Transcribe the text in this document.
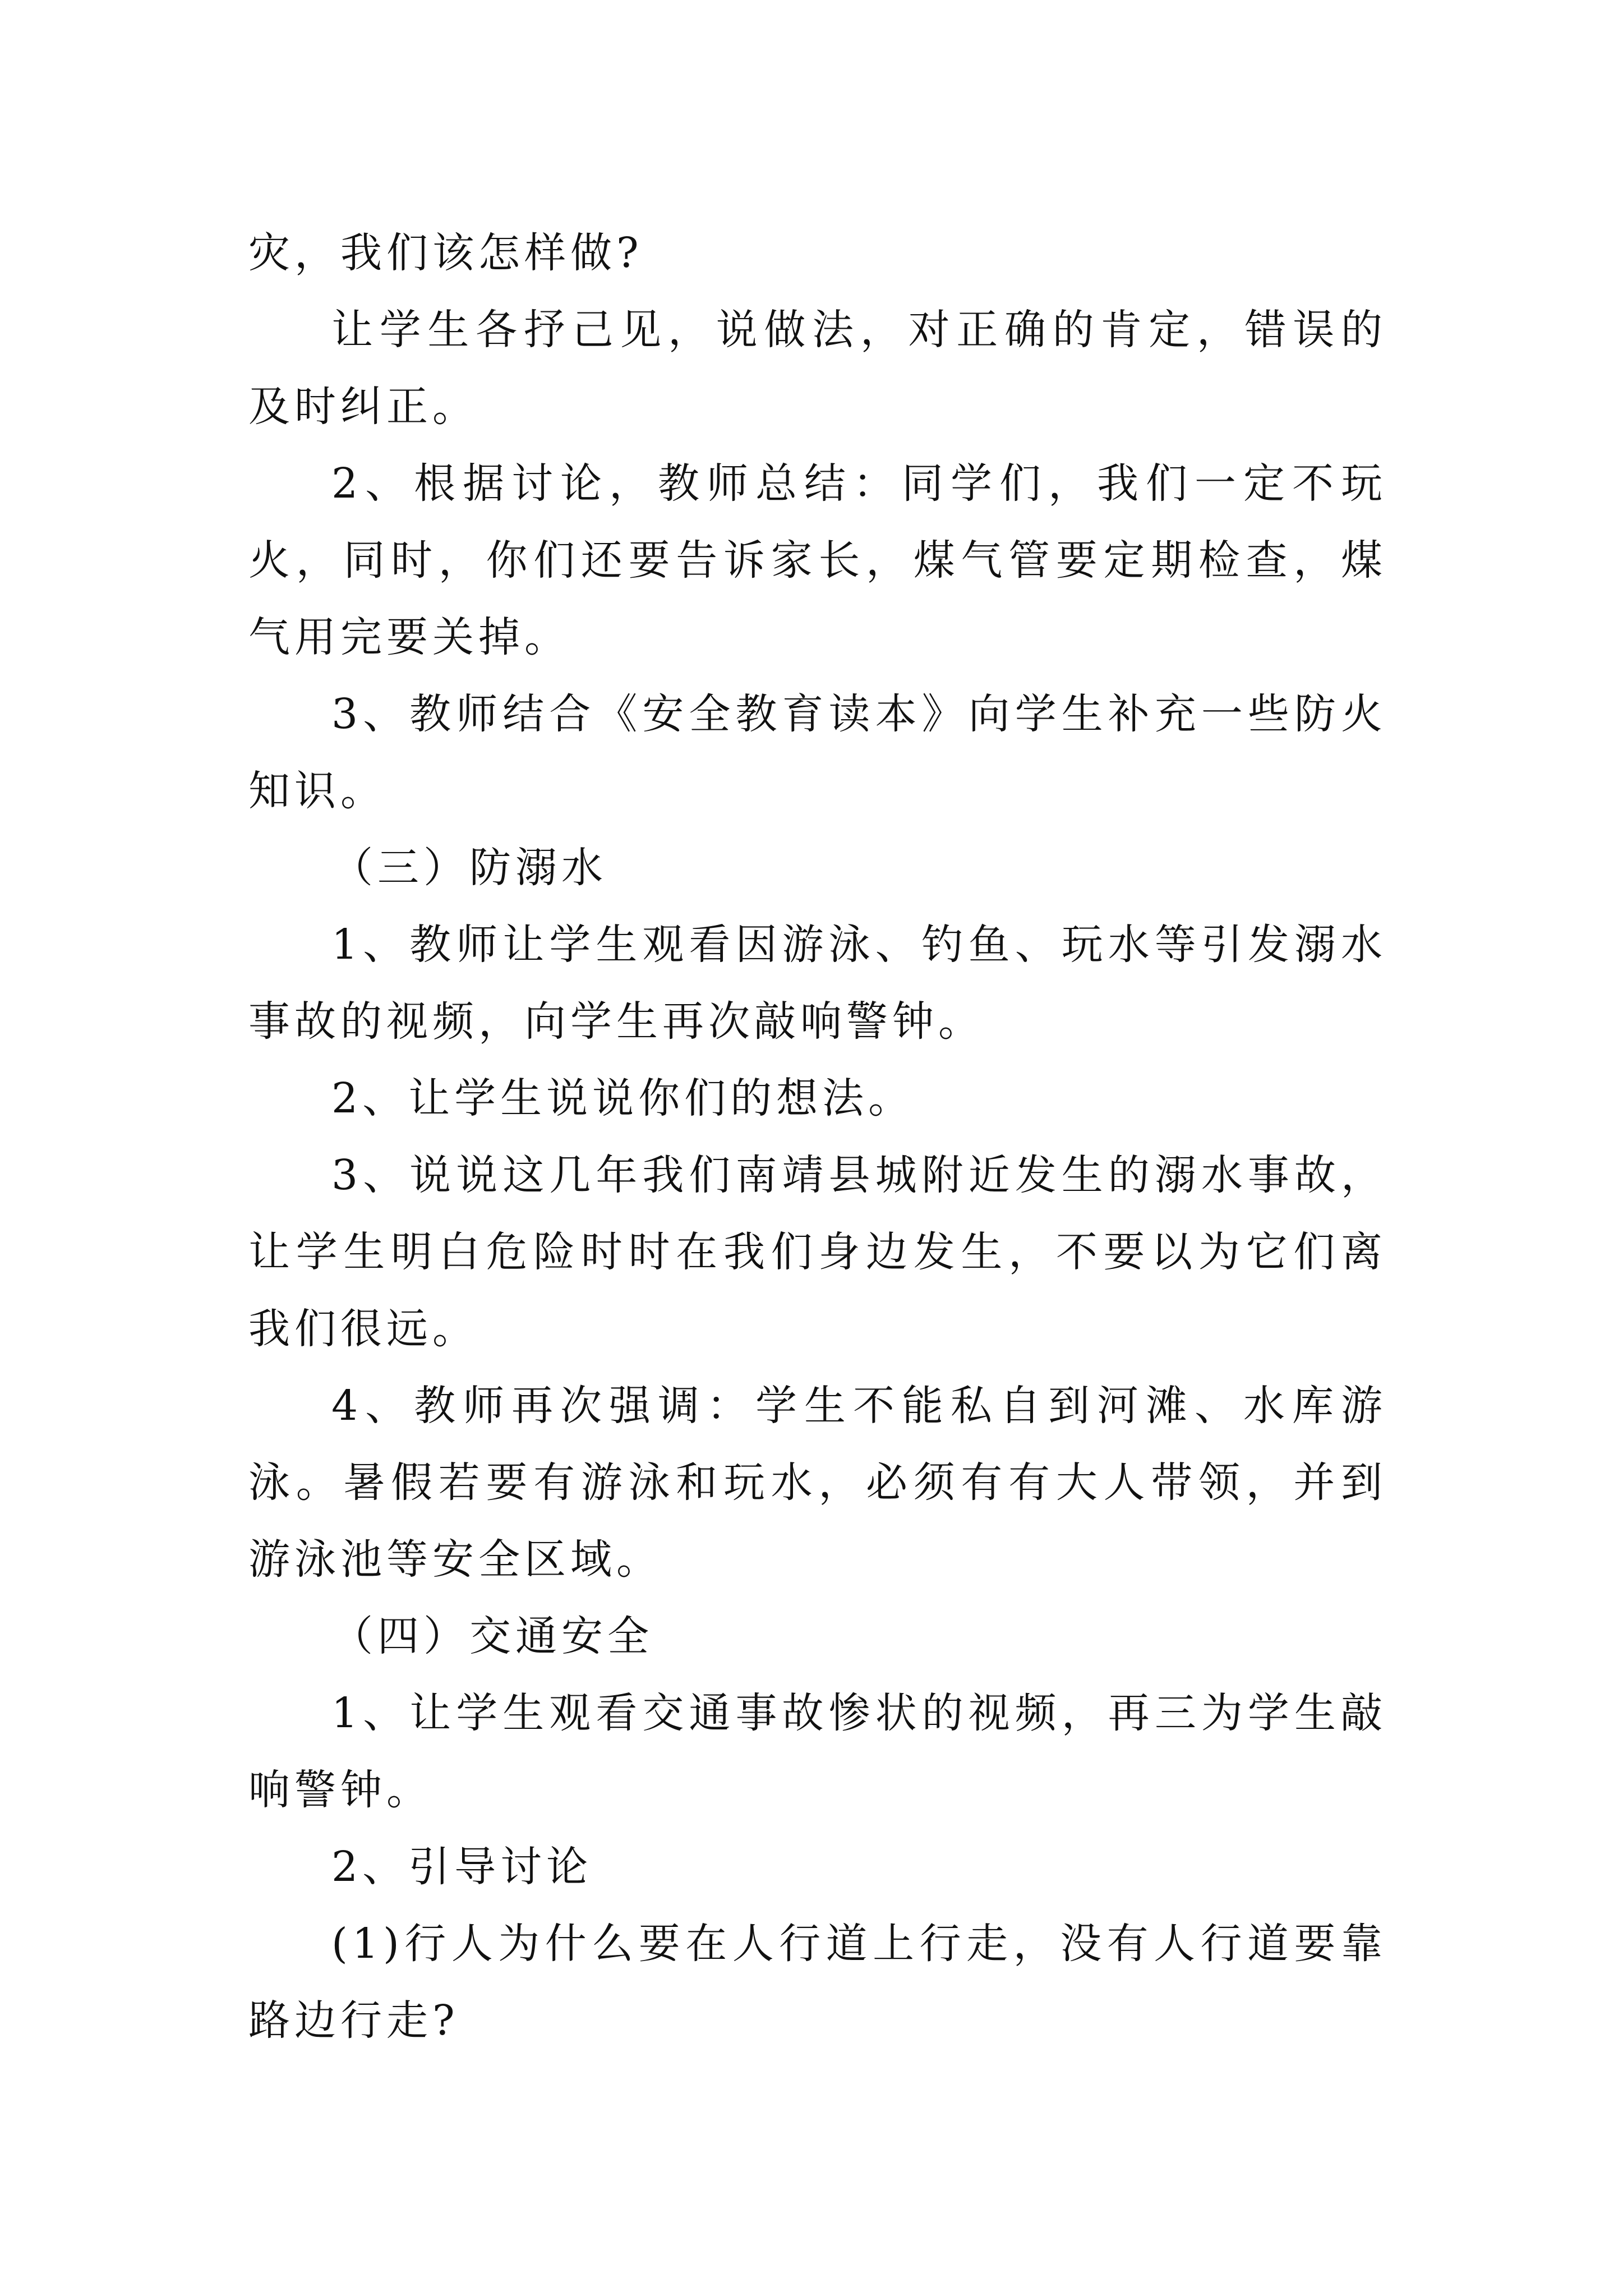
灾，我们该怎样做?

让学生各抒己见，说做法，对正确的肯定，错误的及时纠正。

2、根据讨论，教师总结：同学们，我们一定不玩火，同时，你们还要告诉家长，煤气管要定期检查，煤气用完要关掉。

3、教师结合《安全教育读本》向学生补充一些防火知识。

（三）防溺水

1、教师让学生观看因游泳、钓鱼、玩水等引发溺水事故的视频，向学生再次敲响警钟。

2、让学生说说你们的想法。

3、说说这几年我们南靖县城附近发生的溺水事故，让学生明白危险时时在我们身边发生，不要以为它们离我们很远。

4、教师再次强调：学生不能私自到河滩、水库游泳。暑假若要有游泳和玩水，必须有有大人带领，并到游泳池等安全区域。

（四）交通安全

1、让学生观看交通事故惨状的视频，再三为学生敲响警钟。

2、引导讨论

(1)行人为什么要在人行道上行走，没有人行道要靠路边行走?
